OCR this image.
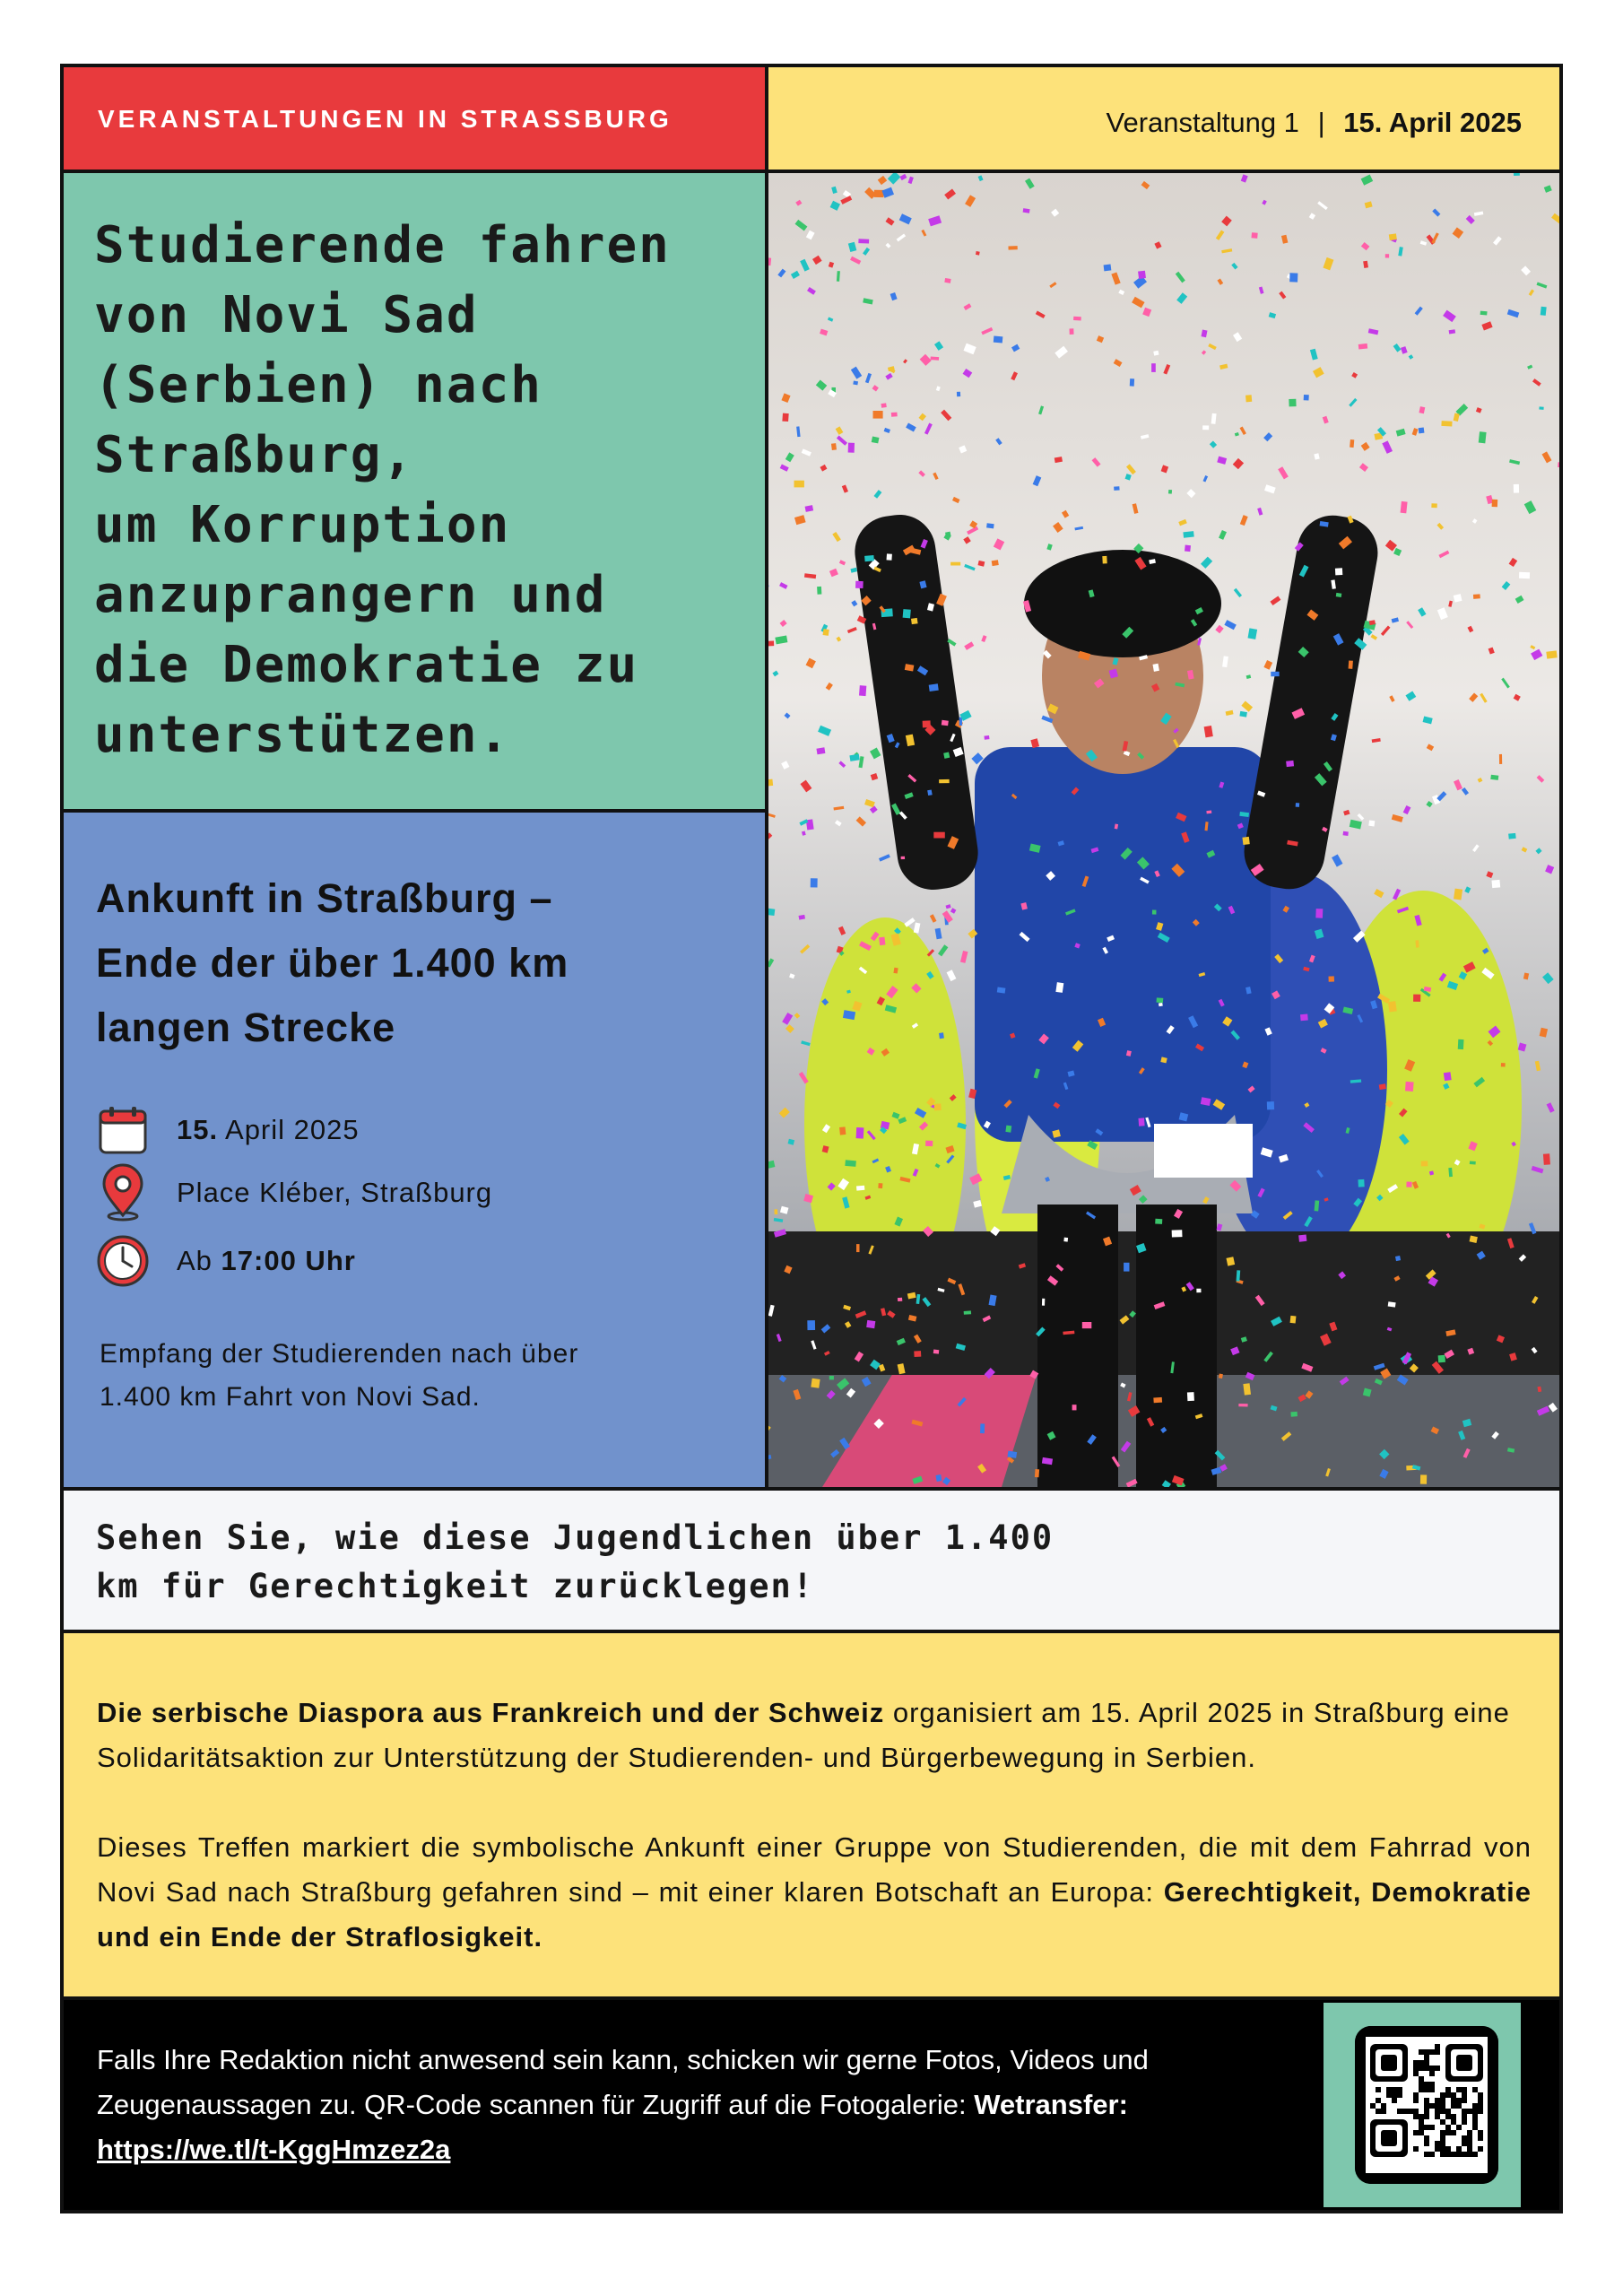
VERANSTALTUNGEN IN STRASSBURG	Veranstaltung 1 | 15. April 2025
Studierende fahren
von Novi Sad
(Serbien) nach
Straßburg,
um Korruption
anzuprangern und
die Demokratie zu
unterstützen.
Ankunft in Straßburg –
Ende der über 1.400 km
langen Strecke
15. April 2025
Place Kléber, Straßburg
Ab 17:00 Uhr
Empfang der Studierenden nach über
1.400 km Fahrt von Novi Sad.

Sehen Sie, wie diese Jugendlichen über 1.400
km für Gerechtigkeit zurücklegen!

Die serbische Diaspora aus Frankreich und der Schweiz organisiert am 15. April 2025 in Straßburg eine Solidaritätsaktion zur Unterstützung der Studierenden- und Bürgerbewegung in Serbien.
Dieses Treffen markiert die symbolische Ankunft einer Gruppe von Studierenden, die mit dem Fahrrad von Novi Sad nach Straßburg gefahren sind – mit einer klaren Botschaft an Europa: Gerechtigkeit, Demokratie und ein Ende der Straflosigkeit.
Falls Ihre Redaktion nicht anwesend sein kann, schicken wir gerne Fotos, Videos und Zeugenaussagen zu. QR-Code scannen für Zugriff auf die Fotogalerie: Wetransfer:
https://we.tl/t-KggHmzez2a
